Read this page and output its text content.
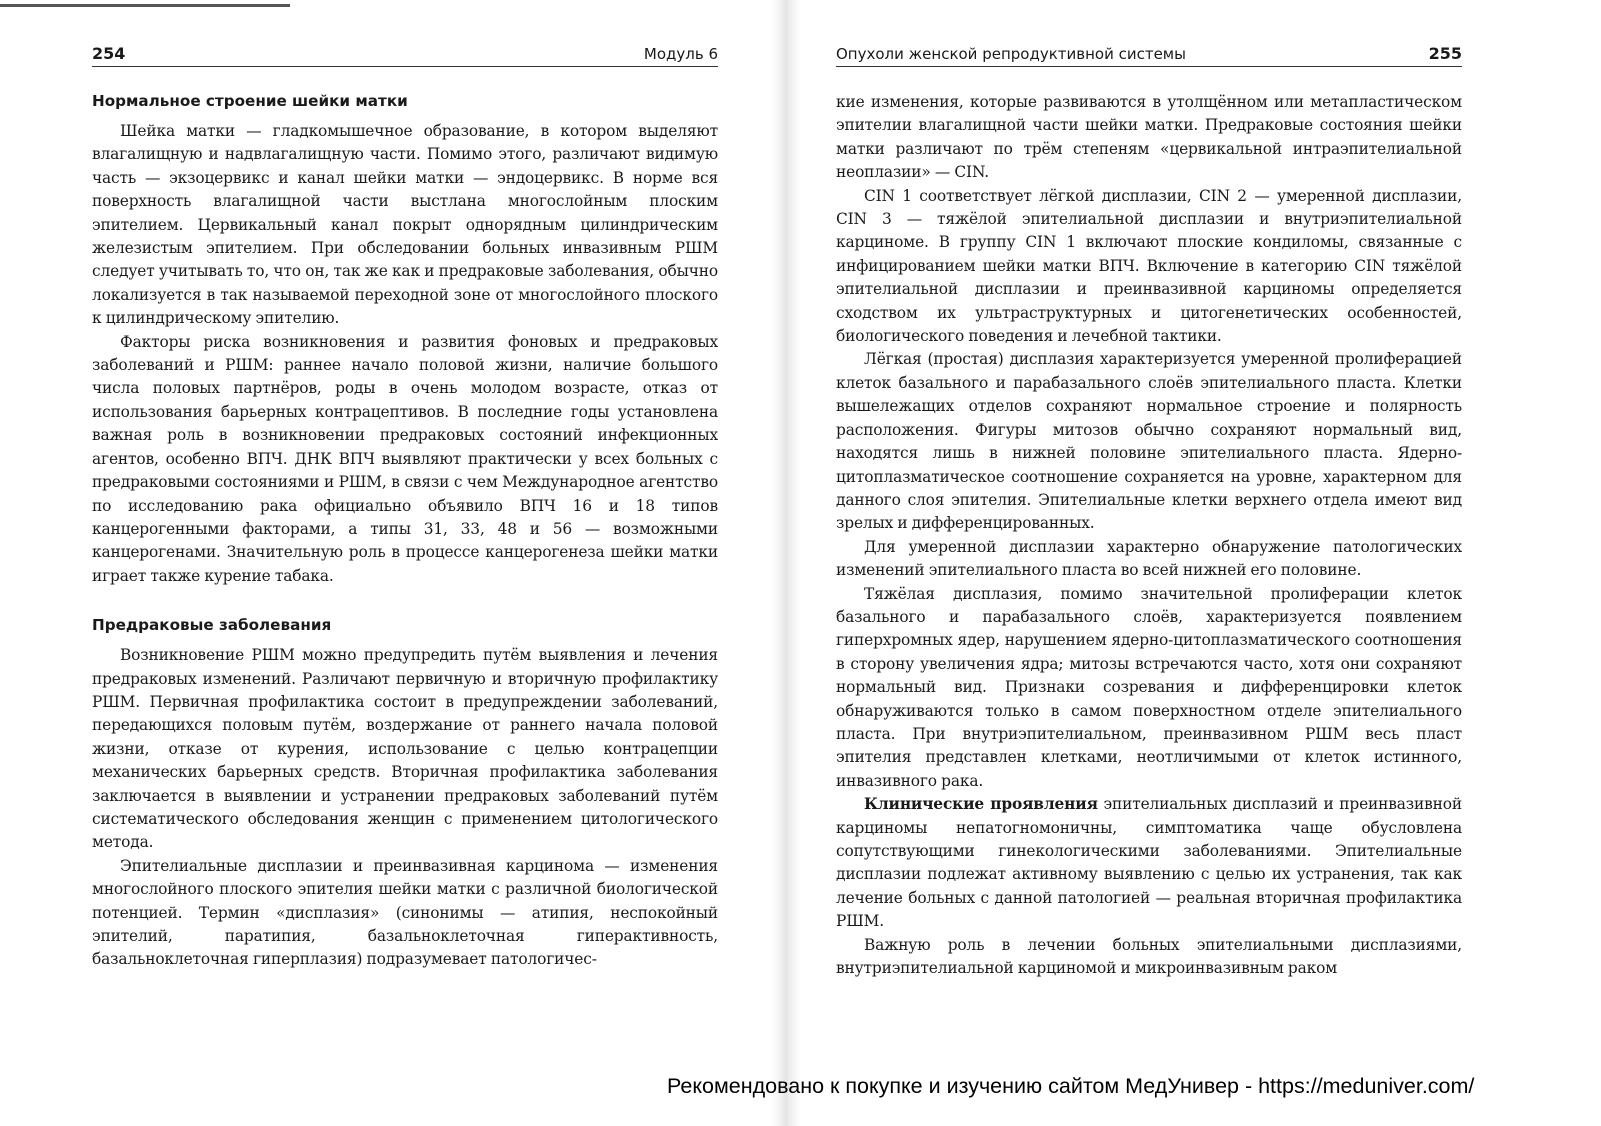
254	Модуль 6
Нормальное строение шейки матки

Шейка матки — гладкомышечное образование, в котором выделяют влагалищную и надвлагалищную части. Помимо этого, различают видимую часть — экзоцервикс и канал шейки матки — эндоцервикс. В норме вся поверхность влагалищной части выстлана многослойным плоским эпителием. Цервикальный канал покрыт однорядным цилиндрическим железистым эпителием. При обследовании больных инвазивным РШМ следует учитывать то, что он, так же как и предраковые заболевания, обычно локализуется в так называемой переходной зоне от многослойного плоского к цилиндрическому эпителию.

Факторы риска возникновения и развития фоновых и предраковых заболеваний и РШМ: раннее начало половой жизни, наличие большого числа половых партнёров, роды в очень молодом возрасте, отказ от использования барьерных контрацептивов. В последние годы установлена важная роль в возникновении предраковых состояний инфекционных агентов, особенно ВПЧ. ДНК ВПЧ выявляют практически у всех больных с предраковыми состояниями и РШМ, в связи с чем Международное агентство по исследованию рака официально объявило ВПЧ 16 и 18 типов канцерогенными факторами, а типы 31, 33, 48 и 56 — возможными канцерогенами. Значительную роль в процессе канцерогенеза шейки матки играет также курение табака.

Предраковые заболевания

Возникновение РШМ можно предупредить путём выявления и лечения предраковых изменений. Различают первичную и вторичную профилактику РШМ. Первичная профилактика состоит в предупреждении заболеваний, передающихся половым путём, воздержание от раннего начала половой жизни, отказе от курения, использование с целью контрацепции механических барьерных средств. Вторичная профилактика заболевания заключается в выявлении и устранении предраковых заболеваний путём систематического обследования женщин с применением цитологического метода.

Эпителиальные дисплазии и преинвазивная карцинома — изменения многослойного плоского эпителия шейки матки с различной биологической потенцией. Термин «дисплазия» (синонимы — атипия, неспокойный эпителий, паратипия, базальноклеточная гиперактивность, базальноклеточная гиперплазия) подразумевает патологичес-

Опухоли женской репродуктивной системы	255

кие изменения, которые развиваются в утолщённом или метапластическом эпителии влагалищной части шейки матки. Предраковые состояния шейки матки различают по трём степеням «цервикальной интраэпителиальной неоплазии» — CIN.

CIN 1 соответствует лёгкой дисплазии, CIN 2 — умеренной дисплазии, CIN 3 — тяжёлой эпителиальной дисплазии и внутриэпителиальной карциноме. В группу CIN 1 включают плоские кондиломы, связанные с инфицированием шейки матки ВПЧ. Включение в категорию CIN тяжёлой эпителиальной дисплазии и преинвазивной карциномы определяется сходством их ультраструктурных и цитогенетических особенностей, биологического поведения и лечебной тактики.

Лёгкая (простая) дисплазия характеризуется умеренной пролиферацией клеток базального и парабазального слоёв эпителиального пласта. Клетки вышележащих отделов сохраняют нормальное строение и полярность расположения. Фигуры митозов обычно сохраняют нормальный вид, находятся лишь в нижней половине эпителиального пласта. Ядерно-цитоплазматическое соотношение сохраняется на уровне, характерном для данного слоя эпителия. Эпителиальные клетки верхнего отдела имеют вид зрелых и дифференцированных.

Для умеренной дисплазии характерно обнаружение патологических изменений эпителиального пласта во всей нижней его половине.

Тяжёлая дисплазия, помимо значительной пролиферации клеток базального и парабазального слоёв, характеризуется появлением гиперхромных ядер, нарушением ядерно-цитоплазматического соотношения в сторону увеличения ядра; митозы встречаются часто, хотя они сохраняют нормальный вид. Признаки созревания и дифференцировки клеток обнаруживаются только в самом поверхностном отделе эпителиального пласта. При внутриэпителиальном, преинвазивном РШМ весь пласт эпителия представлен клетками, неотличимыми от клеток истинного, инвазивного рака.

Клинические проявления эпителиальных дисплазий и преинвазивной карциномы непатогномоничны, симптоматика чаще обусловлена сопутствующими гинекологическими заболеваниями. Эпителиальные дисплазии подлежат активному выявлению с целью их устранения, так как лечение больных с данной патологией — реальная вторичная профилактика РШМ.

Важную роль в лечении больных эпителиальными дисплазиями, внутриэпителиальной карциномой и микроинвазивным раком

Рекомендовано к покупке и изучению сайтом МедУнивер - https://meduniver.com/
